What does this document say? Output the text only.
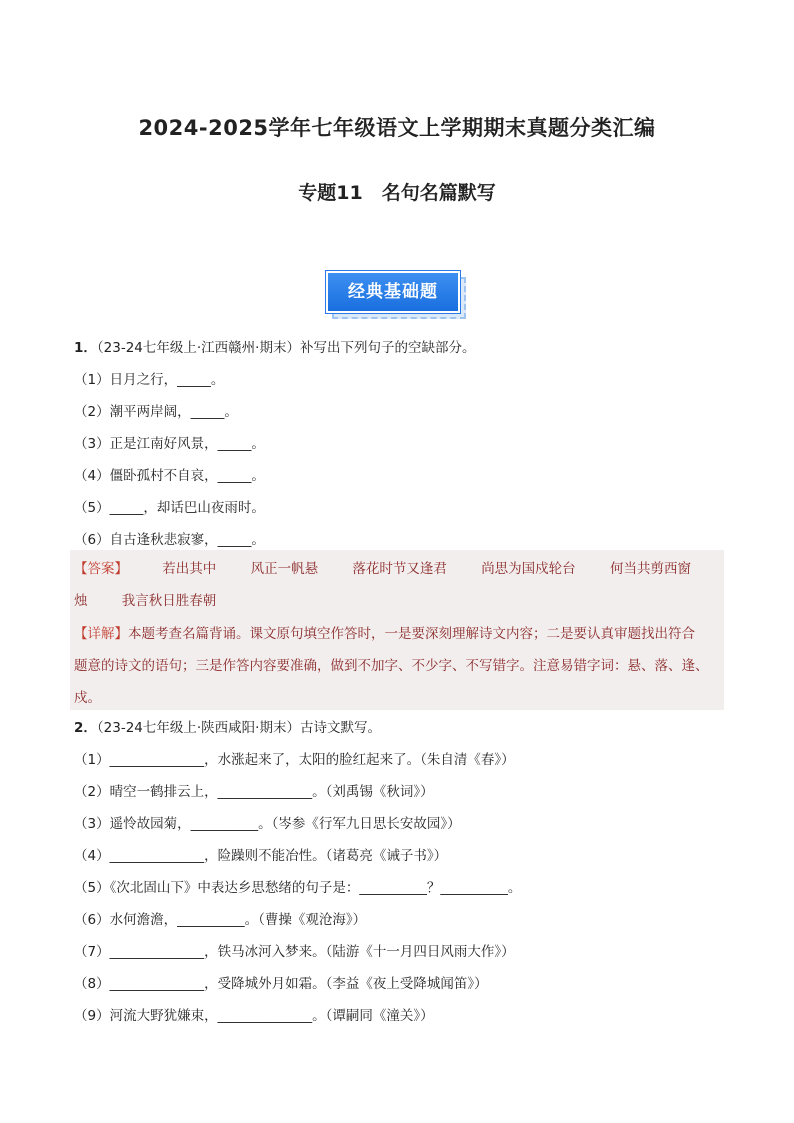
2024-2025学年七年级语文上学期期末真题分类汇编
专题11　名句名篇默写
经典基础题
1．（23-24七年级上·江西赣州·期末）补写出下列句子的空缺部分。
（1）日月之行，_____。
（2）潮平两岸阔，_____。
（3）正是江南好风景，_____。
（4）僵卧孤村不自哀，_____。
（5）_____，却话巴山夜雨时。
（6）自古逢秋悲寂寥，_____。
【答案】	若出其中	风正一帆悬	落花时节又逢君	尚思为国戍轮台	何当共剪西窗
烛	我言秋日胜春朝
【详解】本题考查名篇背诵。课文原句填空作答时，一是要深刻理解诗文内容；二是要认真审题找出符合
题意的诗文的语句；三是作答内容要准确，做到不加字、不少字、不写错字。注意易错字词：悬、落、逢、
戍。
2．（23-24七年级上·陕西咸阳·期末）古诗文默写。
（1）______________，水涨起来了，太阳的脸红起来了。（朱自清《春》）
（2）晴空一鹤排云上，______________。（刘禹锡《秋词》）
（3）遥怜故园菊，__________。（岑参《行军九日思长安故园》）
（4）______________，险躁则不能冶性。（诸葛亮《诫子书》）
（5）《次北固山下》中表达乡思愁绪的句子是：__________？__________。
（6）水何澹澹，__________。（曹操《观沧海》）
（7）______________，铁马冰河入梦来。（陆游《十一月四日风雨大作》）
（8）______________，受降城外月如霜。（李益《夜上受降城闻笛》）
（9）河流大野犹嫌束，______________。（谭嗣同《潼关》）
